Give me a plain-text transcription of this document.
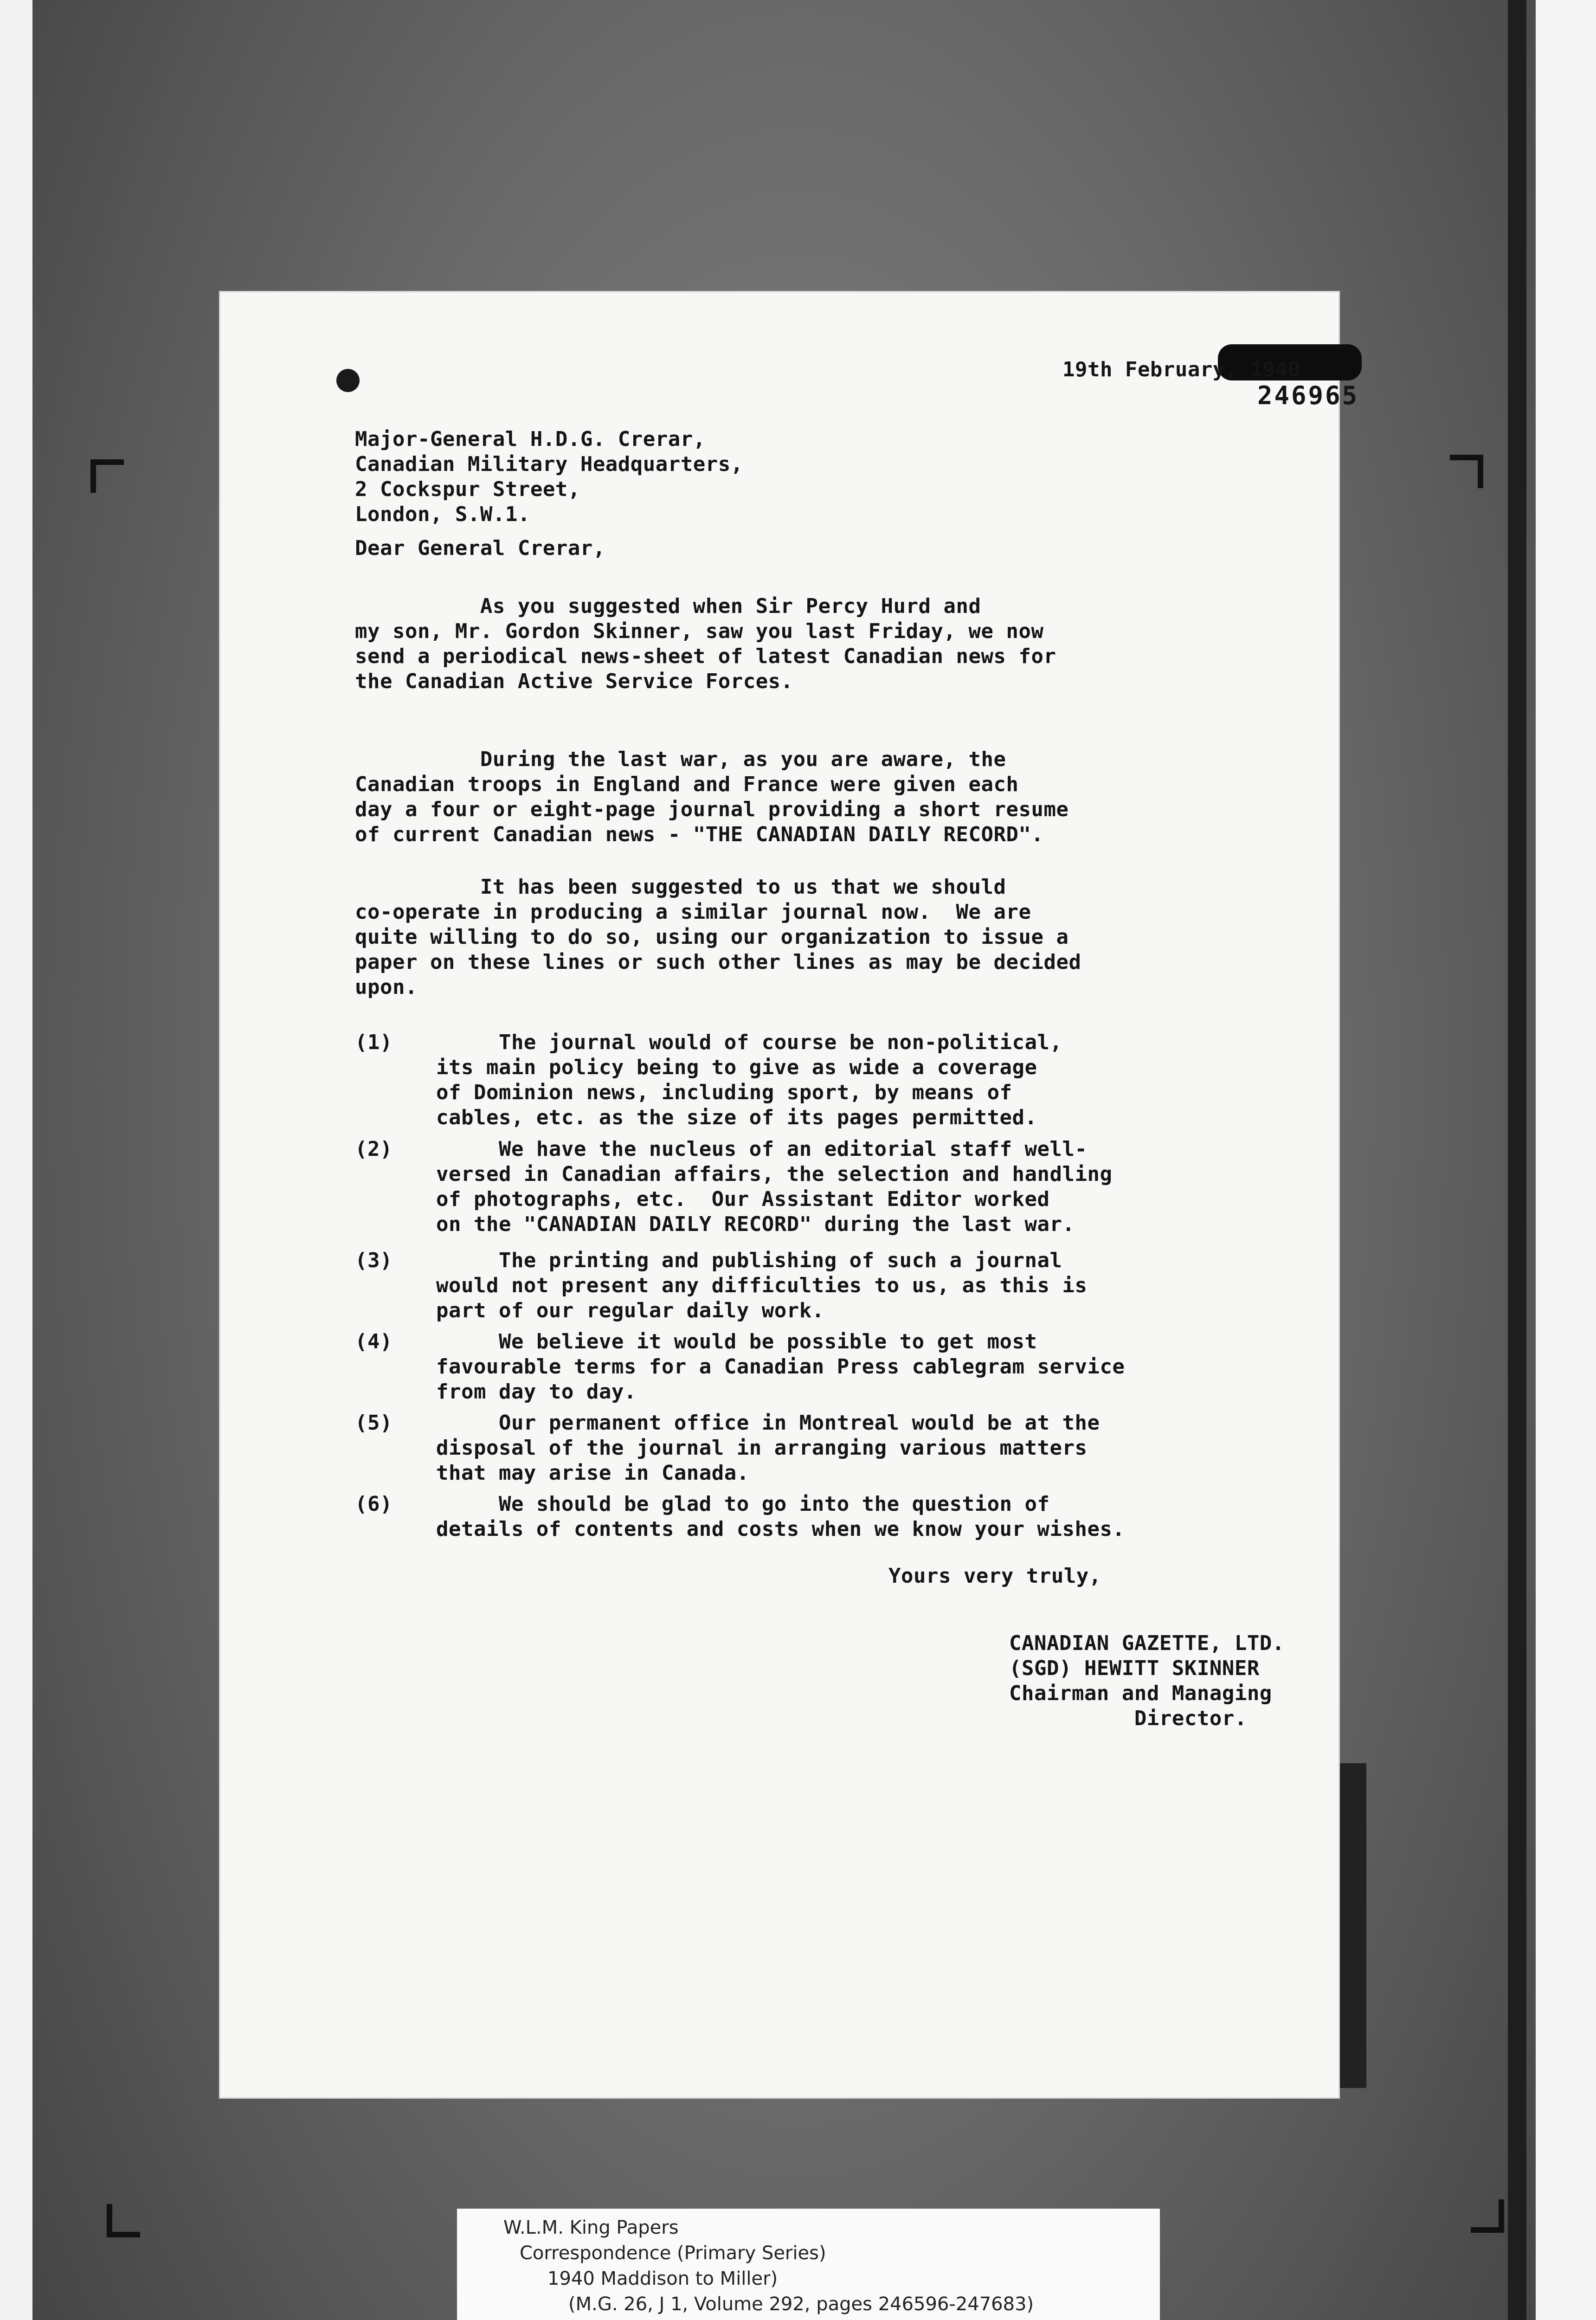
19th February, 1940
246965
Major-General H.D.G. Crerar,
Canadian Military Headquarters,
2 Cockspur Street,
London, S.W.1.
Dear General Crerar,
As you suggested when Sir Percy Hurd and
my son, Mr. Gordon Skinner, saw you last Friday, we now
send a periodical news-sheet of latest Canadian news for
the Canadian Active Service Forces.
During the last war, as you are aware, the
Canadian troops in England and France were given each
day a four or eight-page journal providing a short resume
of current Canadian news - "THE CANADIAN DAILY RECORD".
It has been suggested to us that we should
co-operate in producing a similar journal now.  We are
quite willing to do so, using our organization to issue a
paper on these lines or such other lines as may be decided
upon.
(1) The journal would of course be non-political,
its main policy being to give as wide a coverage
of Dominion news, including sport, by means of
cables, etc. as the size of its pages permitted.
(2) We have the nucleus of an editorial staff well-
versed in Canadian affairs, the selection and handling
of photographs, etc.  Our Assistant Editor worked
on the "CANADIAN DAILY RECORD" during the last war.
(3) The printing and publishing of such a journal
would not present any difficulties to us, as this is
part of our regular daily work.
(4) We believe it would be possible to get most
favourable terms for a Canadian Press cablegram service
from day to day.
(5) Our permanent office in Montreal would be at the
disposal of the journal in arranging various matters
that may arise in Canada.
(6) We should be glad to go into the question of
details of contents and costs when we know your wishes.
Yours very truly,
CANADIAN GAZETTE, LTD.
(SGD) HEWITT SKINNER
Chairman and Managing
Director.
W.L.M. King Papers
Correspondence (Primary Series)
1940 Maddison to Miller)
(M.G. 26, J 1, Volume 292, pages 246596-247683)
